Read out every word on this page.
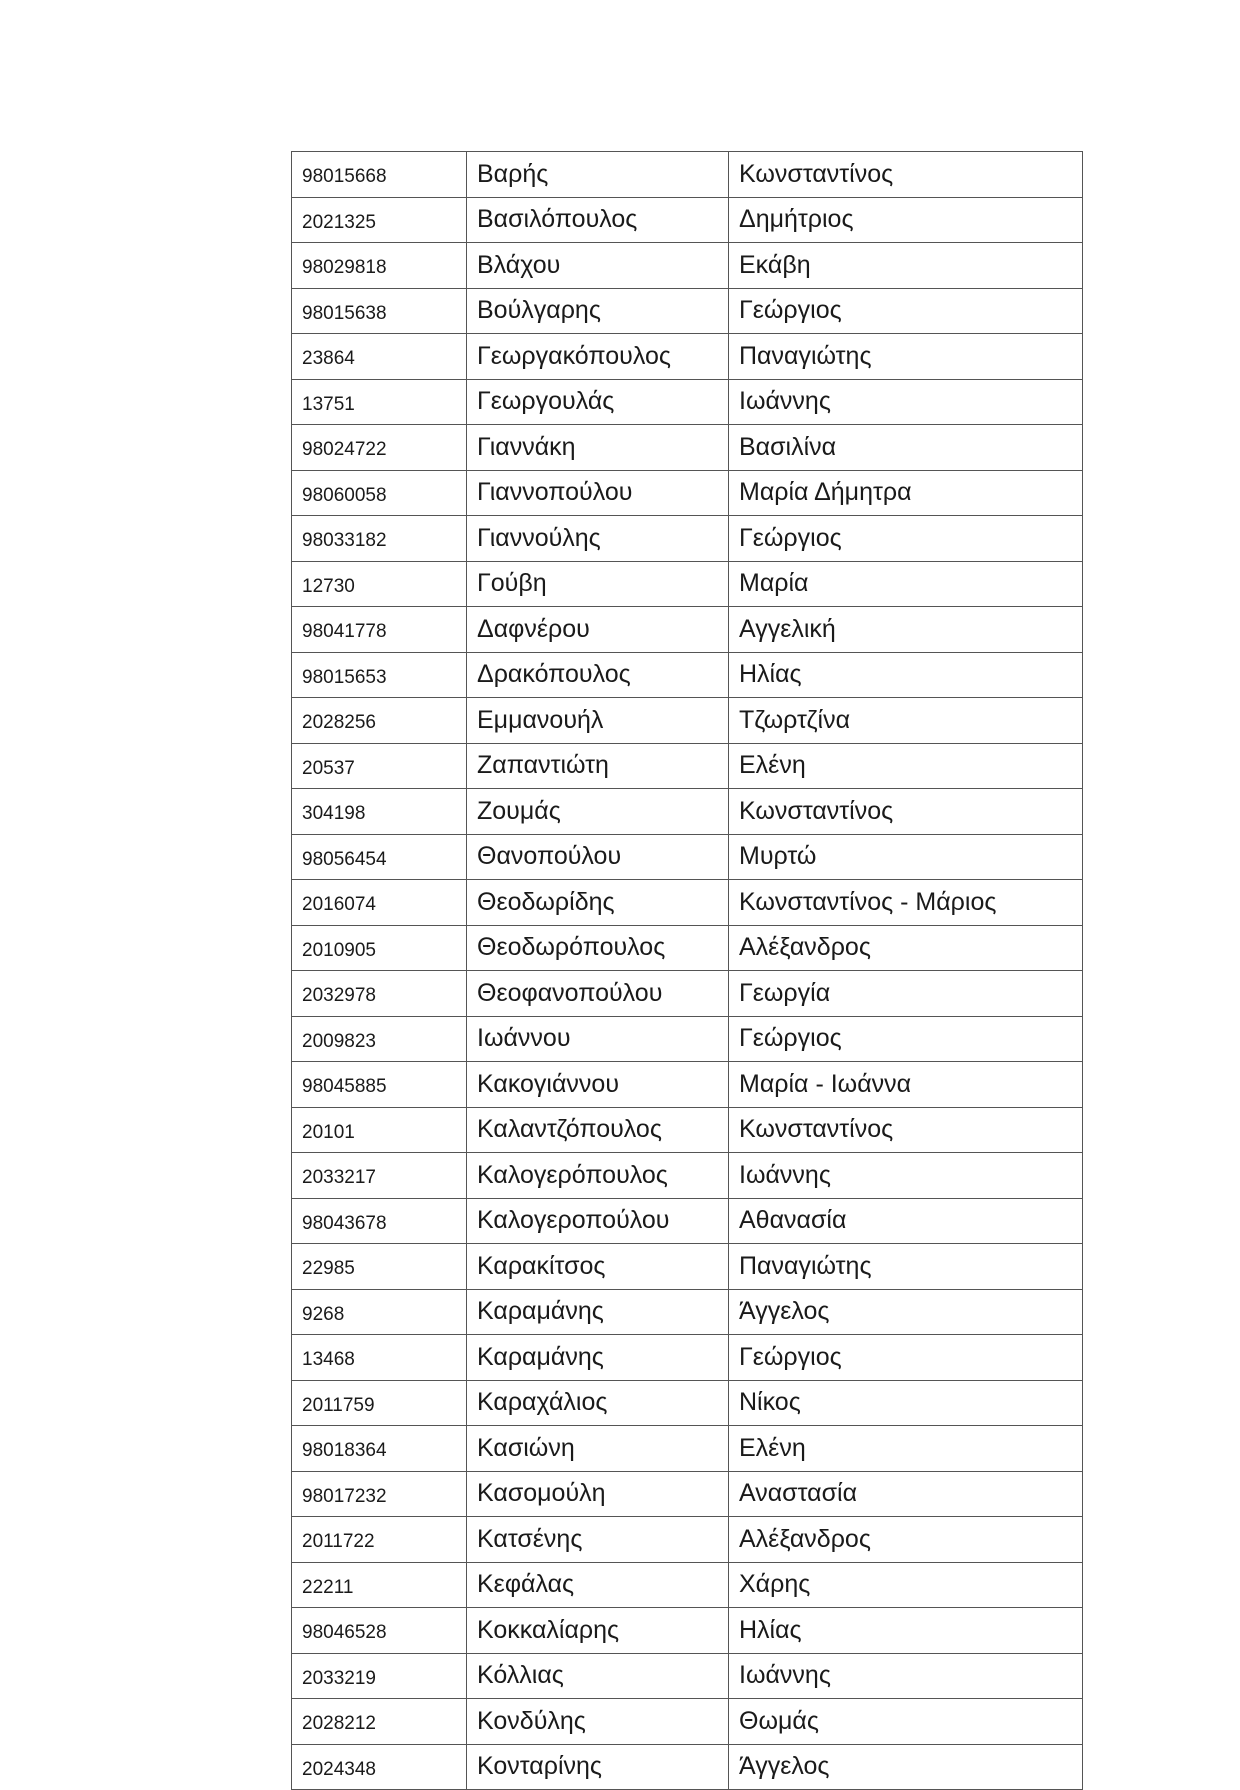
98015668	Βαρής	Κωνσταντίνος
2021325	Βασιλόπουλος	Δημήτριος
98029818	Βλάχου	Εκάβη
98015638	Βούλγαρης	Γεώργιος
23864	Γεωργακόπουλος	Παναγιώτης
13751	Γεωργουλάς	Ιωάννης
98024722	Γιαννάκη	Βασιλίνα
98060058	Γιαννοπούλου	Μαρία Δήμητρα
98033182	Γιαννούλης	Γεώργιος
12730	Γούβη	Μαρία
98041778	Δαφνέρου	Αγγελική
98015653	Δρακόπουλος	Ηλίας
2028256	Εμμανουήλ	Τζωρτζίνα
20537	Ζαπαντιώτη	Ελένη
304198	Ζουμάς	Κωνσταντίνος
98056454	Θανοπούλου	Μυρτώ
2016074	Θεοδωρίδης	Κωνσταντίνος - Μάριος
2010905	Θεοδωρόπουλος	Αλέξανδρος
2032978	Θεοφανοπούλου	Γεωργία
2009823	Ιωάννου	Γεώργιος
98045885	Κακογιάννου	Μαρία - Ιωάννα
20101	Καλαντζόπουλος	Κωνσταντίνος
2033217	Καλογερόπουλος	Ιωάννης
98043678	Καλογεροπούλου	Αθανασία
22985	Καρακίτσος	Παναγιώτης
9268	Καραμάνης	Άγγελος
13468	Καραμάνης	Γεώργιος
2011759	Καραχάλιος	Νίκος
98018364	Κασιώνη	Ελένη
98017232	Κασομούλη	Αναστασία
2011722	Κατσένης	Αλέξανδρος
22211	Κεφάλας	Χάρης
98046528	Κοκκαλίαρης	Ηλίας
2033219	Κόλλιας	Ιωάννης
2028212	Κονδύλης	Θωμάς
2024348	Κονταρίνης	Άγγελος
